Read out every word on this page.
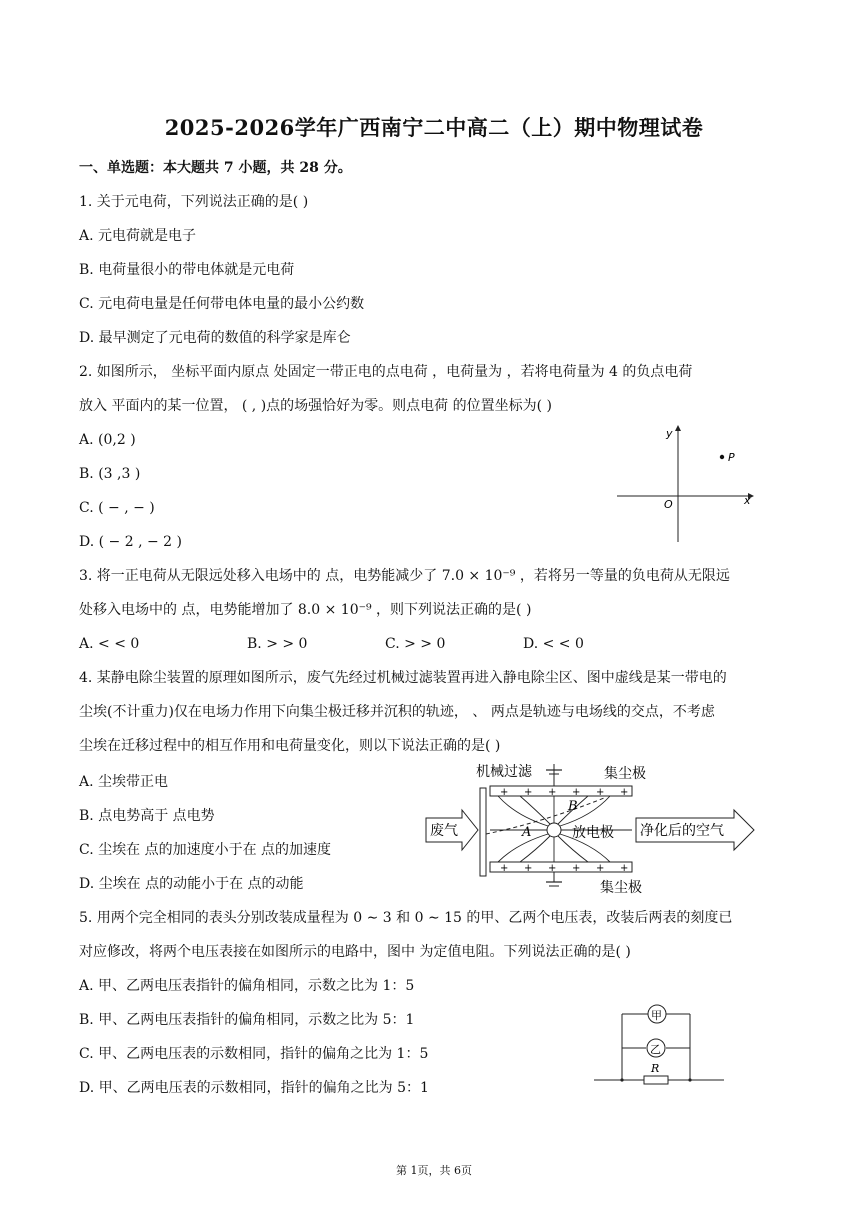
2025-2026学年广西南宁二中高二（上）期中物理试卷
一、单选题：本大题共 7 小题，共 28 分。
1. 关于元电荷，下列说法正确的是( )
A. 元电荷就是电子
B. 电荷量很小的带电体就是元电荷
C. 元电荷电量是任何带电体电量的最小公约数
D. 最早测定了元电荷的数值的科学家是库仑
2. 如图所示， 坐标平面内原点 处固定一带正电的点电荷 ，电荷量为 ，若将电荷量为 4 的负点电荷
放入 平面内的某一位置， ( , )点的场强恰好为零。则点电荷 的位置坐标为( )
A. (0,2 )
B. (3 ,3 )
C. ( − , − )
D. ( − 2 , − 2 )
y
x
O
P
3. 将一正电荷从无限远处移入电场中的 点，电势能减少了 7.0 × 10⁻⁹ ，若将另一等量的负电荷从无限远
处移入电场中的 点，电势能增加了 8.0 × 10⁻⁹ ，则下列说法正确的是( )
A. < < 0	B. > > 0	C. > > 0	D. < < 0
4. 某静电除尘装置的原理如图所示，废气先经过机械过滤装置再进入静电除尘区、图中虚线是某一带电的
尘埃(不计重力)仅在电场力作用下向集尘极迁移并沉积的轨迹， 、 两点是轨迹与电场线的交点，不考虑
尘埃在迁移过程中的相互作用和电荷量变化，则以下说法正确的是( )
A. 尘埃带正电
B. 点电势高于 点电势
C. 尘埃在 点的加速度小于在 点的加速度
D. 尘埃在 点的动能小于在 点的动能
机械过滤	集尘极
集尘极
+ + + + + +
+ + + + + +
A
B
放电极
废气	净化后的空气
5. 用两个完全相同的表头分别改装成量程为 0 ∼ 3 和 0 ∼ 15 的甲、乙两个电压表，改装后两表的刻度已
对应修改，将两个电压表接在如图所示的电路中，图中 为定值电阻。下列说法正确的是( )
A. 甲、乙两电压表指针的偏角相同，示数之比为 1：5
B. 甲、乙两电压表指针的偏角相同，示数之比为 5：1
C. 甲、乙两电压表的示数相同，指针的偏角之比为 1：5
D. 甲、乙两电压表的示数相同，指针的偏角之比为 5：1
甲
乙
R
第 1页，共 6页
